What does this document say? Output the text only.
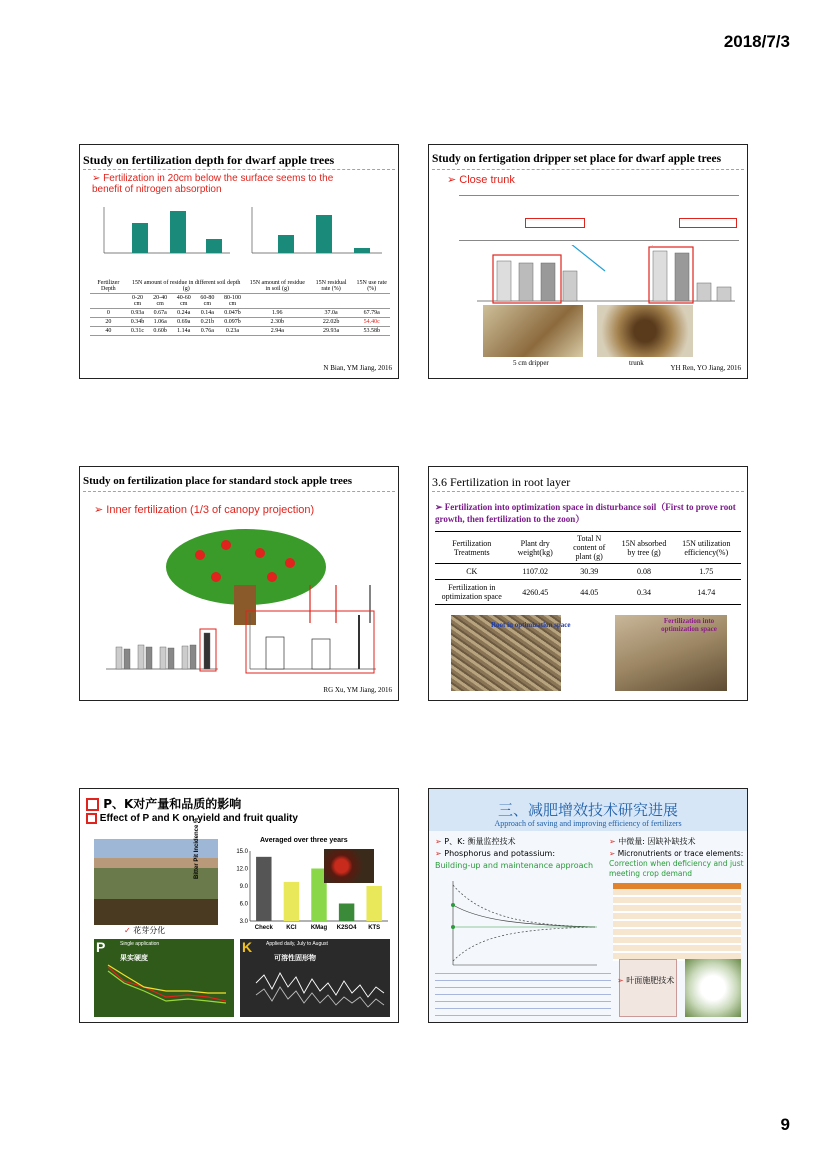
2018/7/3
Study on fertilization depth for dwarf apple trees
➢ Fertilization in 20cm below the surface seems to the benefit of nitrogen absorption
Fertilizer Depth	15N amount of residue in different soil depth (g)					15N amount of residue in soil (g)	15N residual rate (%)	15N use rate (%)
	0-20 cm	20-40 cm	40-60 cm	60-80 cm	80-100 cm			
0	0.93a	0.67a	0.24a	0.14a	0.047b	1.96	37.0a	67.79a
20	0.34b	1.06a	0.69a	0.21b	0.097b	2.30b	22.02b	54.40c
40	0.31c	0.60b	1.14a	0.76a	0.23a	2.94a	29.93a	53.58b
N Bian, YM Jiang, 2016
Study on fertigation dripper set place for dwarf apple trees
➢ Close trunk
5 cm dripper	trunk
YH Ren, YO Jiang, 2016
Study on fertilization place for standard stock apple trees
➢ Inner fertilization (1/3 of canopy projection)
RG Xu, YM Jiang, 2016
3.6 Fertilization in root layer
➢ Fertilization into optimization space in disturbance soil（First to prove root growth, then fertilization to the zoon）
Fertilization Treatments	Plant dry weight(kg)	Total N content of plant (g)	15N absorbed by tree (g)	15N utilization efficiency(%)
CK	1107.02	30.39	0.08	1.75
Fertilization in optimization space	4260.45	44.05	0.34	14.74
Root in optimization space	Fertilization into optimization space
P、K对产量和品质的影响
Effect of P and K on yield and fruit quality
✓ 花芽分化
Averaged over three years
Bitter Pit Incidence %
3.0
6.0
9.0
12.0
15.0
Check KCl KMag K2SO4 KTS
P	Single application
果实硬度
K	Applied daily, July to August
可溶性固形物
三、减肥增效技术研究进展
Approach of saving and improving efficiency of fertilizers
➢ P、K: 衡量监控技术
➢ Phosphorus and potassium:
Building-up and maintenance approach
➢ 中微量: 因缺补缺技术
➢ Micronutrients or trace elements:
Correction when deficiency and just meeting crop demand
➢ 叶面施肥技术
9
